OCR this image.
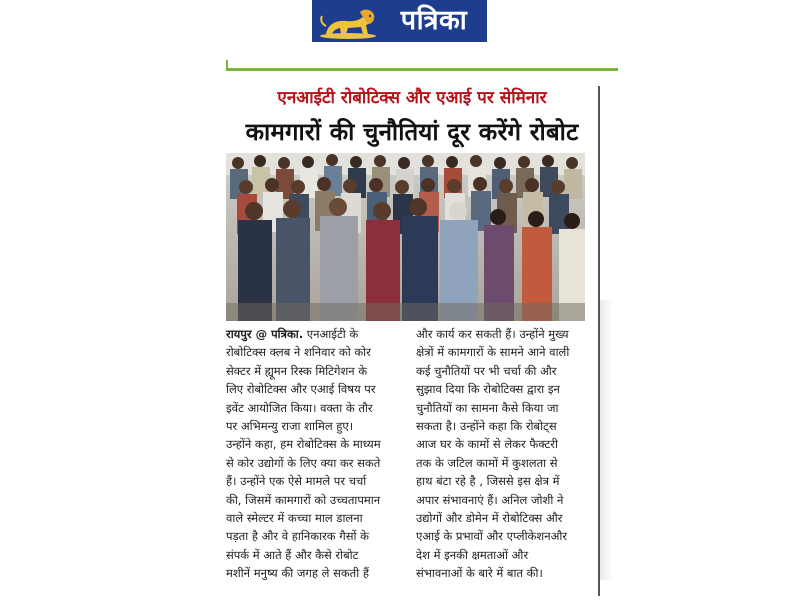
पत्रिका
एनआईटी रोबोटिक्स और एआई पर सेमिनार
कामगारों की चुनौतियां दूर करेंगे रोबोट
रायपुर @ पत्रिका. एनआईटी के
रोबोटिक्स क्लब ने शनिवार को कोर
सेक्टर में ह्यूमन रिस्क मिटिगेशन के
लिए रोबोटिक्स और एआई विषय पर
इवेंट आयोजित किया। वक्ता के तौर
पर अभिमन्यु राजा शामिल हुए।
उन्होंने कहा, हम रोबोटिक्स के माध्यम
से कोर उद्योगों के लिए क्या कर सकते
हैं। उन्होंने एक ऐसे मामले पर चर्चा
की, जिसमें कामगारों को उच्चतापमान
वाले स्मेल्टर में कच्चा माल डालना
पड़ता है और वे हानिकारक गैसों के
संपर्क में आते हैं और कैसे रोबोट
मशीनें मनुष्य की जगह ले सकती हैं
और कार्य कर सकती हैं। उन्होंने मुख्य
क्षेत्रों में कामगारों के सामने आने वाली
कई चुनौतियों पर भी चर्चा की और
सुझाव दिया कि रोबोटिक्स द्वारा इन
चुनौतियों का सामना कैसे किया जा
सकता है। उन्होंने कहा कि रोबोट्स
आज घर के कामों से लेकर फैक्टरी
तक के जटिल कामों में कुशलता से
हाथ बंटा रहे है , जिससे इस क्षेत्र में
अपार संभावनाएं हैं। अनिल जोशी ने
उद्योगों और डोमेन में रोबोटिक्स और
एआई के प्रभावों और एप्लीकेशनऔर
देश में इनकी क्षमताओं और
संभावनाओं के बारे में बात की।
